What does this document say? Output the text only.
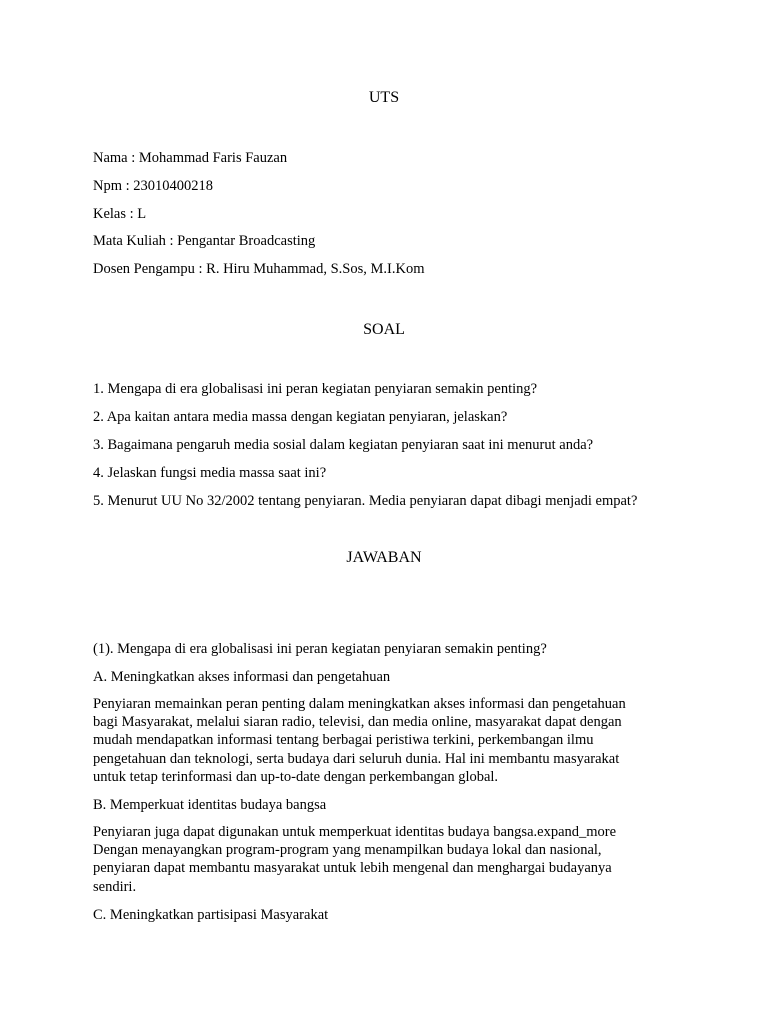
UTS
Nama : Mohammad Faris Fauzan
Npm : 23010400218
Kelas : L
Mata Kuliah : Pengantar Broadcasting
Dosen Pengampu : R. Hiru Muhammad, S.Sos, M.I.Kom
SOAL
1. Mengapa di era globalisasi ini peran kegiatan penyiaran semakin penting?
2. Apa kaitan antara media massa dengan kegiatan penyiaran, jelaskan?
3. Bagaimana pengaruh media sosial dalam kegiatan penyiaran saat ini menurut anda?
4. Jelaskan fungsi media massa saat ini?
5. Menurut UU No 32/2002 tentang penyiaran. Media penyiaran dapat dibagi menjadi empat?
JAWABAN
(1). Mengapa di era globalisasi ini peran kegiatan penyiaran semakin penting?
A. Meningkatkan akses informasi dan pengetahuan
Penyiaran memainkan peran penting dalam meningkatkan akses informasi dan pengetahuan
bagi Masyarakat, melalui siaran radio, televisi, dan media online, masyarakat dapat dengan
mudah mendapatkan informasi tentang berbagai peristiwa terkini, perkembangan ilmu
pengetahuan dan teknologi, serta budaya dari seluruh dunia. Hal ini membantu masyarakat
untuk tetap terinformasi dan up-to-date dengan perkembangan global.
B. Memperkuat identitas budaya bangsa
Penyiaran juga dapat digunakan untuk memperkuat identitas budaya bangsa.expand_more
Dengan menayangkan program-program yang menampilkan budaya lokal dan nasional,
penyiaran dapat membantu masyarakat untuk lebih mengenal dan menghargai budayanya
sendiri.
C. Meningkatkan partisipasi Masyarakat
